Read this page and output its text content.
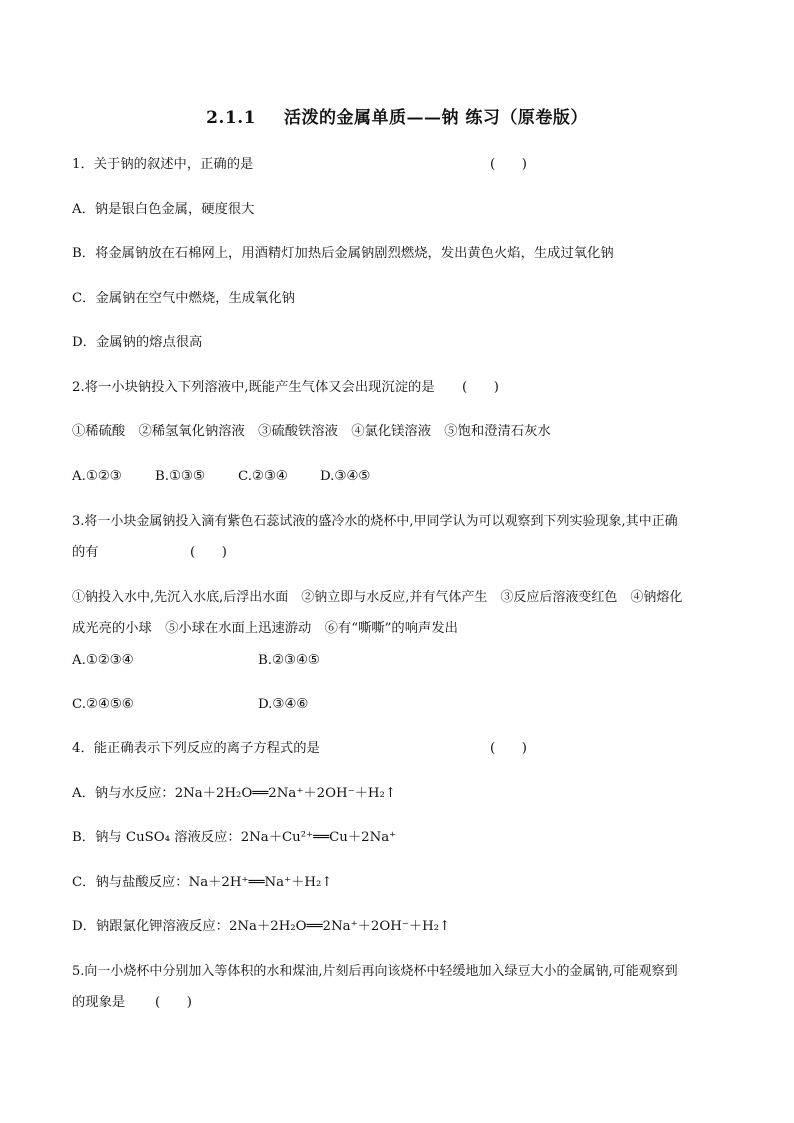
2.1.1 活泼的金属单质——钠 练习（原卷版）
1．关于钠的叙述中，正确的是	(　　)
A．钠是银白色金属，硬度很大
B．将金属钠放在石棉网上，用酒精灯加热后金属钠剧烈燃烧，发出黄色火焰，生成过氧化钠
C．金属钠在空气中燃烧，生成氧化钠
D．金属钠的熔点很高
2.将一小块钠投入下列溶液中,既能产生气体又会出现沉淀的是 (　　)
①稀硫酸　②稀氢氧化钠溶液　③硫酸铁溶液　④氯化镁溶液　⑤饱和澄清石灰水
A.①②③	B.①③⑤ C.②③④ D.③④⑤
3.将一小块金属钠投入滴有紫色石蕊试液的盛冷水的烧杯中,甲同学认为可以观察到下列实验现象,其中正确
的有	(　　)
①钠投入水中,先沉入水底,后浮出水面　②钠立即与水反应,并有气体产生　③反应后溶液变红色　④钠熔化
成光亮的小球　⑤小球在水面上迅速游动　⑥有“嘶嘶”的响声发出
A.①②③④	B.②③④⑤
C.②④⑤⑥	D.③④⑥
4．能正确表示下列反应的离子方程式的是	(　　)
A．钠与水反应：2Na＋2H₂O══2Na⁺＋2OH⁻＋H₂↑
B．钠与 CuSO₄ 溶液反应：2Na＋Cu²⁺══Cu＋2Na⁺
C．钠与盐酸反应：Na＋2H⁺══Na⁺＋H₂↑
D．钠跟氯化钾溶液反应：2Na＋2H₂O══2Na⁺＋2OH⁻＋H₂↑
5.向一小烧杯中分别加入等体积的水和煤油,片刻后再向该烧杯中轻缓地加入绿豆大小的金属钠,可能观察到
的现象是 (　　)
